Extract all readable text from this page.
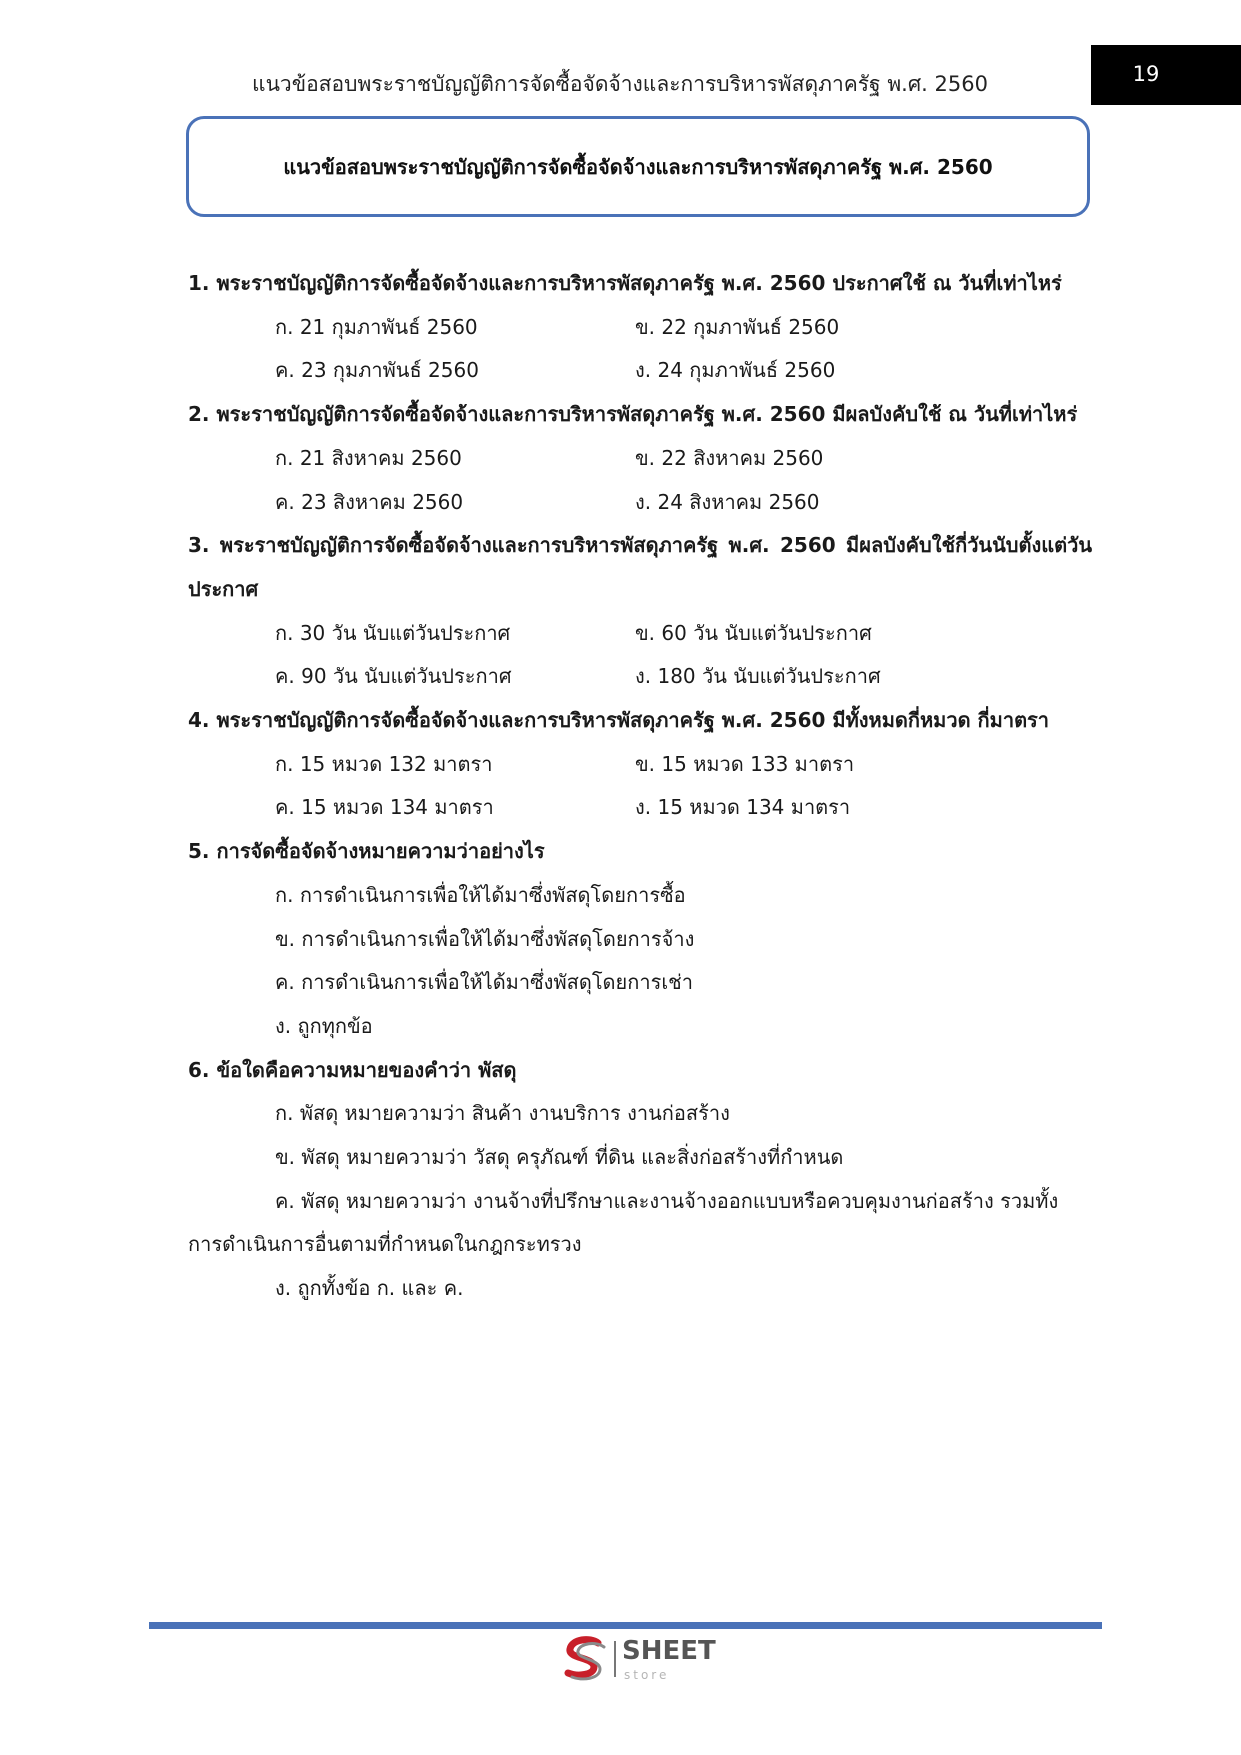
แนวข้อสอบพระราชบัญญัติการจัดซื้อจัดจ้างและการบริหารพัสดุภาครัฐ พ.ศ. 2560	19
แนวข้อสอบพระราชบัญญัติการจัดซื้อจัดจ้างและการบริหารพัสดุภาครัฐ พ.ศ. 2560
1. พระราชบัญญัติการจัดซื้อจัดจ้างและการบริหารพัสดุภาครัฐ พ.ศ. 2560 ประกาศใช้ ณ วันที่เท่าไหร่
ก. 21 กุมภาพันธ์ 2560	ข. 22 กุมภาพันธ์ 2560
ค. 23 กุมภาพันธ์ 2560	ง. 24 กุมภาพันธ์ 2560
2. พระราชบัญญัติการจัดซื้อจัดจ้างและการบริหารพัสดุภาครัฐ พ.ศ. 2560 มีผลบังคับใช้ ณ วันที่เท่าไหร่
ก. 21 สิงหาคม 2560	ข. 22 สิงหาคม 2560
ค. 23 สิงหาคม 2560	ง. 24 สิงหาคม 2560
3. พระราชบัญญัติการจัดซื้อจัดจ้างและการบริหารพัสดุภาครัฐ พ.ศ. 2560 มีผลบังคับใช้กี่วันนับตั้งแต่วันประกาศ
ก. 30 วัน นับแต่วันประกาศ	ข. 60 วัน นับแต่วันประกาศ
ค. 90 วัน นับแต่วันประกาศ	ง. 180 วัน นับแต่วันประกาศ
4. พระราชบัญญัติการจัดซื้อจัดจ้างและการบริหารพัสดุภาครัฐ พ.ศ. 2560 มีทั้งหมดกี่หมวด กี่มาตรา
ก. 15 หมวด 132 มาตรา	ข. 15 หมวด 133 มาตรา
ค. 15 หมวด 134 มาตรา	ง. 15 หมวด 134 มาตรา
5. การจัดซื้อจัดจ้างหมายความว่าอย่างไร
ก. การดำเนินการเพื่อให้ได้มาซึ่งพัสดุโดยการซื้อ
ข. การดำเนินการเพื่อให้ได้มาซึ่งพัสดุโดยการจ้าง
ค. การดำเนินการเพื่อให้ได้มาซึ่งพัสดุโดยการเช่า
ง. ถูกทุกข้อ
6. ข้อใดคือความหมายของคำว่า พัสดุ
ก. พัสดุ หมายความว่า สินค้า งานบริการ งานก่อสร้าง
ข. พัสดุ หมายความว่า วัสดุ ครุภัณฑ์ ที่ดิน และสิ่งก่อสร้างที่กำหนด
ค. พัสดุ หมายความว่า งานจ้างที่ปรึกษาและงานจ้างออกแบบหรือควบคุมงานก่อสร้าง รวมทั้งการดำเนินการอื่นตามที่กำหนดในกฎกระทรวง
ง. ถูกทั้งข้อ ก. และ ค.
SHEET
store
